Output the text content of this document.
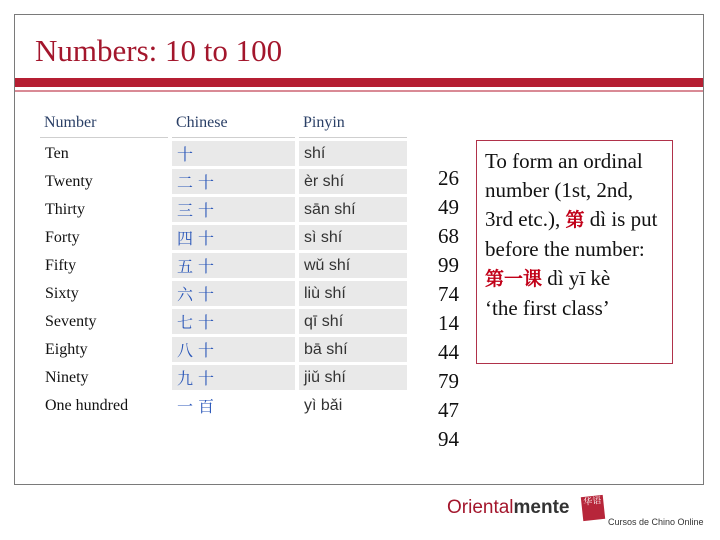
Numbers: 10 to 100
Number	Chinese	Pinyin
Ten	十	shí
Twenty	二十	èr shí
Thirty	三十	sān shí
Forty	四十	sì shí
Fifty	五十	wǔ shí
Sixty	六十	liù shí
Seventy	七十	qī shí
Eighty	八十	bā shí
Ninety	九十	jiǔ shí
One hundred	一百	yì bǎi
26
49
68
99
74
14
44
79
47
94
To form an ordinal number (1st, 2nd, 3rd etc.), 第 dì is put before the number:
第一课 dì yī kè
‘the first class’
Orientalmente 华语
Cursos de Chino Online
